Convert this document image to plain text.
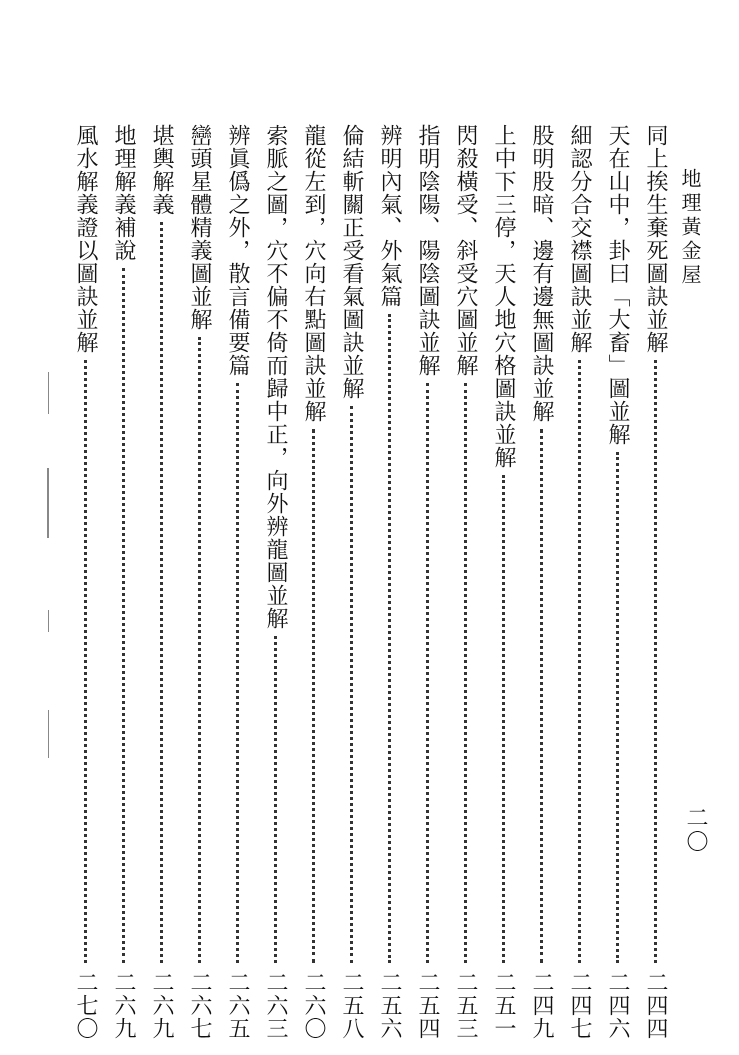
地理黃金屋
二〇
同上挨生棄死圖訣並解
二四四
天在山中，卦曰「大畜」圖並解
二四六
細認分合交襟圖訣並解
二四七
股明股暗、邊有邊無圖訣並解
二四九
上中下三停，天人地穴格圖訣並解
二五一
閃殺橫受、斜受穴圖並解
二五三
指明陰陽、陽陰圖訣並解
二五四
辨明內氣、外氣篇
二五六
倫結斬關正受看氣圖訣並解
二五八
龍從左到，穴向右點圖訣並解
二六〇
索脈之圖，穴不偏不倚而歸中正，向外辨龍圖並解
二六三
辨眞僞之外，散言備要篇
二六五
巒頭星體精義圖並解
二六七
堪輿解義
二六九
地理解義補說
二六九
風水解義證以圖訣並解
二七〇
